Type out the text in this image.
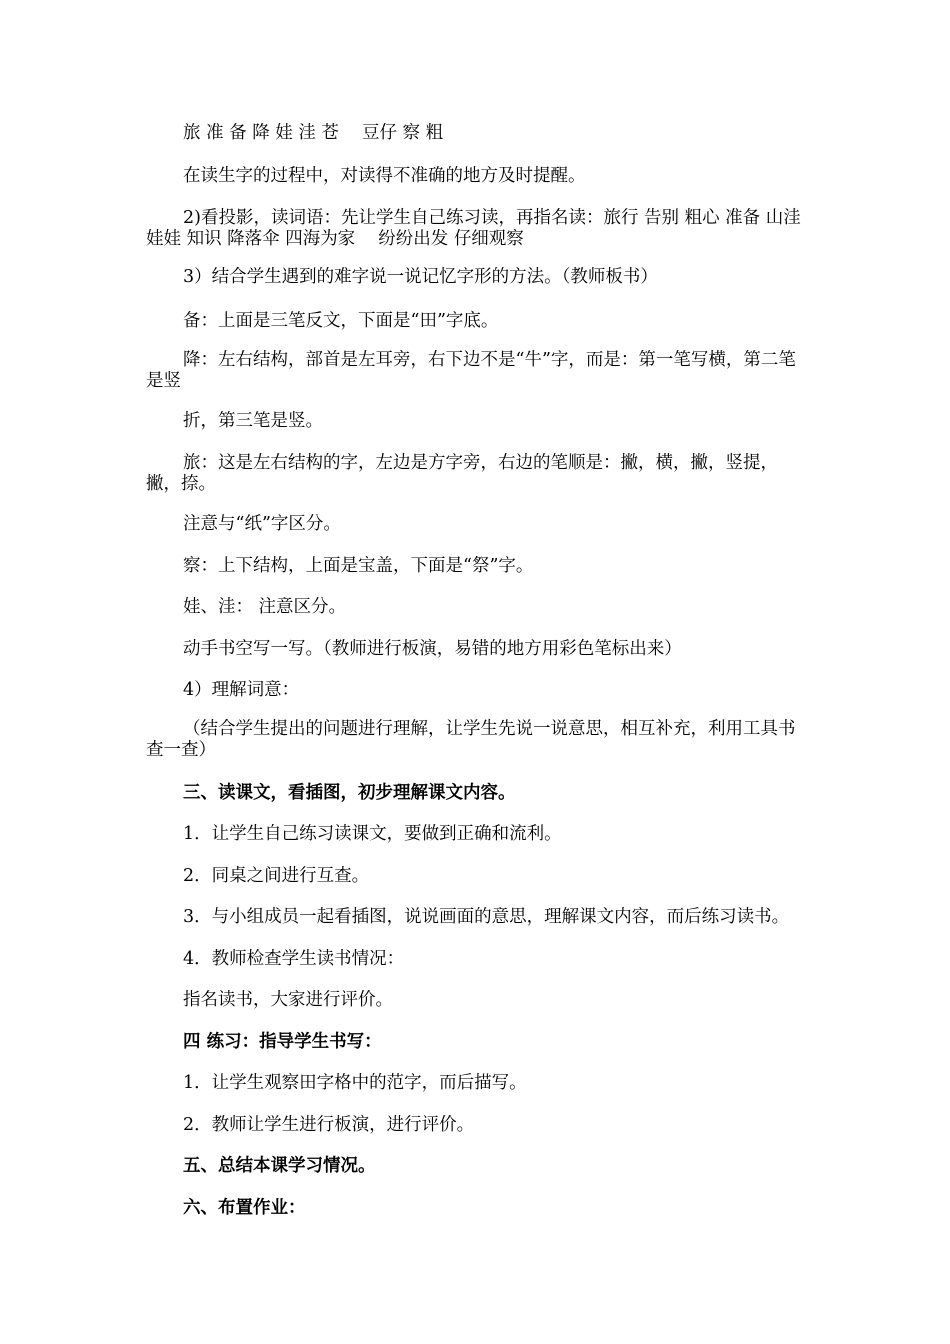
旅 准 备 降 娃 洼 苍　 豆仔 察 粗
在读生字的过程中，对读得不准确的地方及时提醒。
2)看投影，读词语：先让学生自己练习读，再指名读：旅行 告别 粗心 准备 山洼 娃娃 知识 降落伞 四海为家 　纷纷出发 仔细观察
3）结合学生遇到的难字说一说记忆字形的方法。（教师板书）
备：上面是三笔反文，下面是“田”字底。
降：左右结构，部首是左耳旁，右下边不是“牛”字，而是：第一笔写横，第二笔是竖
折，第三笔是竖。
旅：这是左右结构的字，左边是方字旁，右边的笔顺是：撇，横，撇，竖提，撇，捺。
注意与“纸”字区分。
察：上下结构，上面是宝盖，下面是“祭”字。
娃、洼： 注意区分。
动手书空写一写。（教师进行板演，易错的地方用彩色笔标出来）
4）理解词意：
（结合学生提出的问题进行理解，让学生先说一说意思，相互补充，利用工具书查一查）
三、读课文，看插图，初步理解课文内容。
1．让学生自己练习读课文，要做到正确和流利。
2．同桌之间进行互查。
3．与小组成员一起看插图，说说画面的意思，理解课文内容，而后练习读书。
4．教师检查学生读书情况：
指名读书，大家进行评价。
四 练习：指导学生书写：
1．让学生观察田字格中的范字，而后描写。
2．教师让学生进行板演，进行评价。
五、总结本课学习情况。
六、布置作业：
